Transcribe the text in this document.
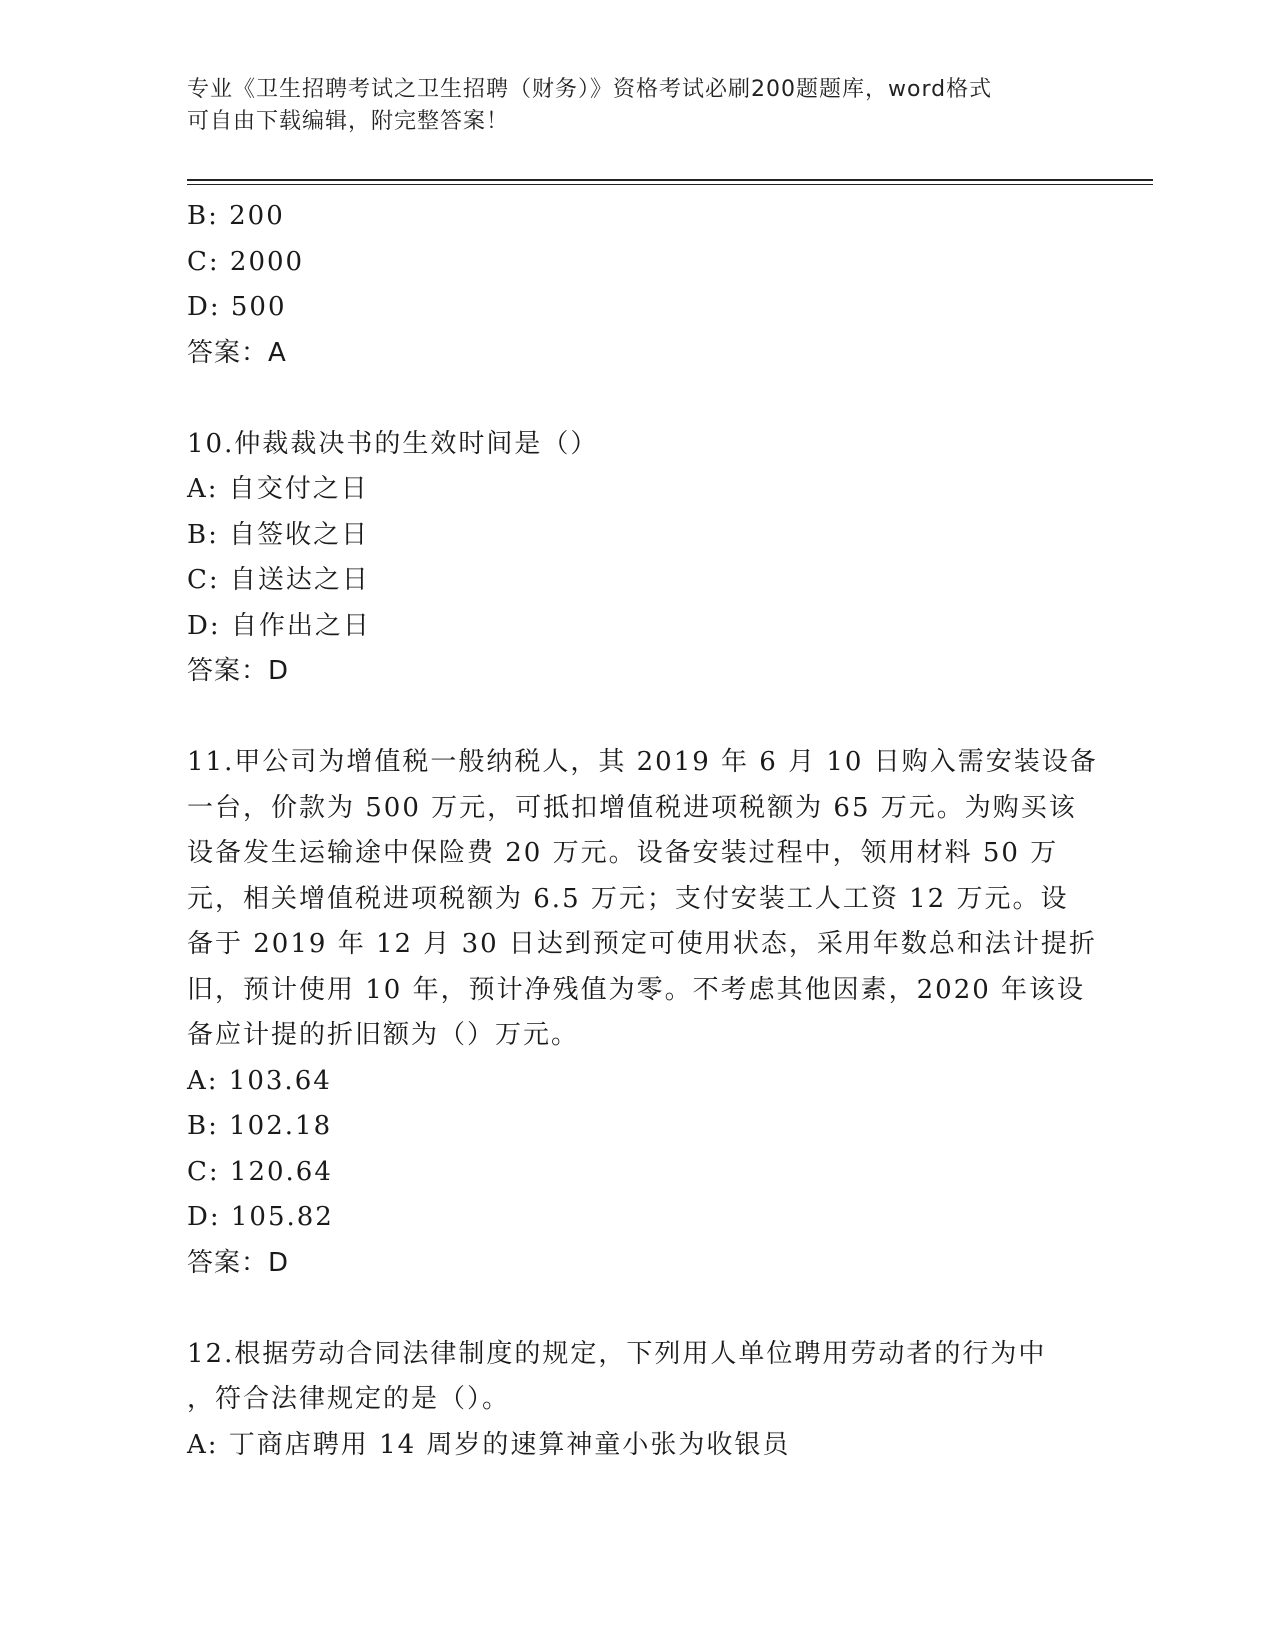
专业《卫生招聘考试之卫生招聘（财务）》资格考试必刷200题题库，word格式
可自由下载编辑，附完整答案！

B: 200

C: 2000

D: 500

答案：A

10.仲裁裁决书的生效时间是（）

A: 自交付之日

B: 自签收之日

C: 自送达之日

D: 自作出之日

答案：D

11.甲公司为增值税一般纳税人，其 2019 年 6 月 10 日购入需安装设备

一台，价款为 500 万元，可抵扣增值税进项税额为 65 万元。为购买该

设备发生运输途中保险费 20 万元。设备安装过程中，领用材料 50 万

元，相关增值税进项税额为 6.5 万元；支付安装工人工资 12 万元。设

备于 2019 年 12 月 30 日达到预定可使用状态，采用年数总和法计提折

旧，预计使用 10 年，预计净残值为零。不考虑其他因素，2020 年该设

备应计提的折旧额为（）万元。

A: 103.64

B: 102.18

C: 120.64

D: 105.82

答案：D

12.根据劳动合同法律制度的规定，下列用人单位聘用劳动者的行为中

，符合法律规定的是（）。

A: 丁商店聘用 14 周岁的速算神童小张为收银员
